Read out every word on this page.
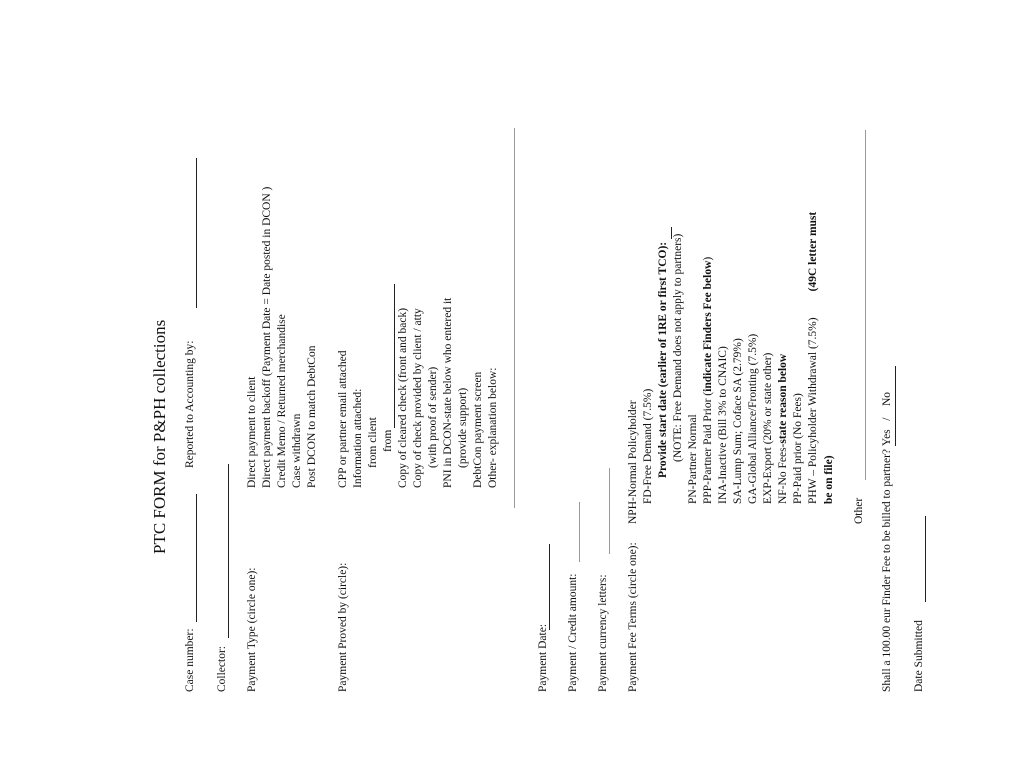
PTC FORM for P&PH collections
Case number:
Reported to Accounting by:
Collector: Payment Type (circle one):
Direct payment to client Direct payment backoff (Payment Date = Date posted in DCON ) Credit Memo / Returned merchandise Case withdrawn Post DCON to match DebtCon
Payment Proved by (circle):
CPP or partner email attached Information attached: from client from Copy of cleared check (front and back) Copy of check provided by client / atty (with proof of sender) PNI in DCON-state below who entered it (provide support) DebtCon payment screen Other- explanation below:
Payment Date: Payment / Credit amount: Payment currency letters: Payment Fee Terms (circle one):
NPH-Normal Policyholder FD-Free Demand (7.5%) Provide start date (earlier of 1RE or first TCO): (NOTE: Free Demand does not apply to partners) PN-Partner Normal PPP-Partner Paid Prior (indicate Finders Fee below)
INA-Inactive (Bill 3% to CNAIC) SA-Lump Sum; Coface SA (2.79%) GA-Global Alliance/Fronting (7.5%) EXP-Export (20% or state other) NF-No Fees-state reason below PP-Paid prior (No Fees) PHW – Policyholder Withdrawal (7.5%)(49C letter must
be on file)
Other Shall a 100.00 eur Finder Fee to be billed to partner? Yes   /    No
Date Submitted
